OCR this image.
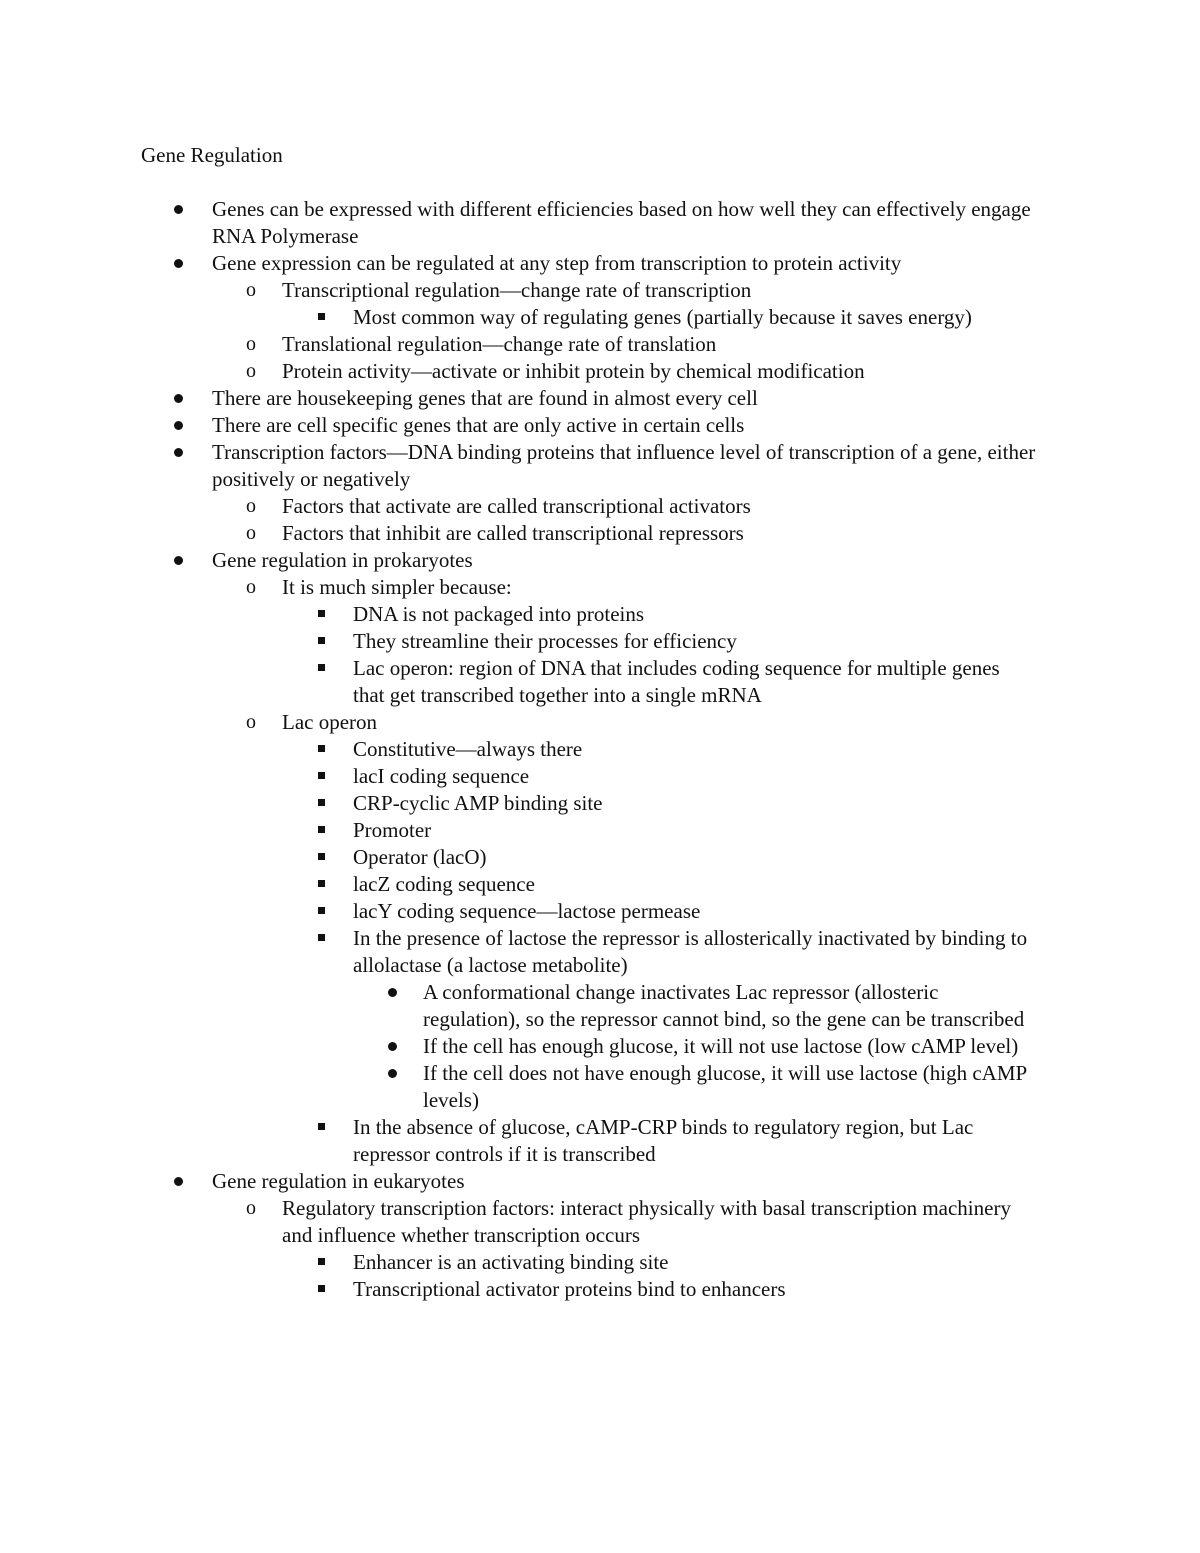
Gene Regulation
Genes can be expressed with different efficiencies based on how well they can effectively engage RNA Polymerase
Gene expression can be regulated at any step from transcription to protein activity
o Transcriptional regulation—change rate of transcription
Most common way of regulating genes (partially because it saves energy)
o Translational regulation—change rate of translation
o Protein activity—activate or inhibit protein by chemical modification
There are housekeeping genes that are found in almost every cell
There are cell specific genes that are only active in certain cells
Transcription factors—DNA binding proteins that influence level of transcription of a gene, either positively or negatively
o Factors that activate are called transcriptional activators
o Factors that inhibit are called transcriptional repressors
Gene regulation in prokaryotes
o It is much simpler because:
DNA is not packaged into proteins
They streamline their processes for efficiency
Lac operon: region of DNA that includes coding sequence for multiple genes that get transcribed together into a single mRNA
o Lac operon
Constitutive—always there
lacI coding sequence
CRP-cyclic AMP binding site
Promoter
Operator (lacO)
lacZ coding sequence
lacY coding sequence—lactose permease
In the presence of lactose the repressor is allosterically inactivated by binding to allolactase (a lactose metabolite)
A conformational change inactivates Lac repressor (allosteric regulation), so the repressor cannot bind, so the gene can be transcribed
If the cell has enough glucose, it will not use lactose (low cAMP level)
If the cell does not have enough glucose, it will use lactose (high cAMP levels)
In the absence of glucose, cAMP-CRP binds to regulatory region, but Lac repressor controls if it is transcribed
Gene regulation in eukaryotes
o Regulatory transcription factors: interact physically with basal transcription machinery and influence whether transcription occurs
Enhancer is an activating binding site
Transcriptional activator proteins bind to enhancers
